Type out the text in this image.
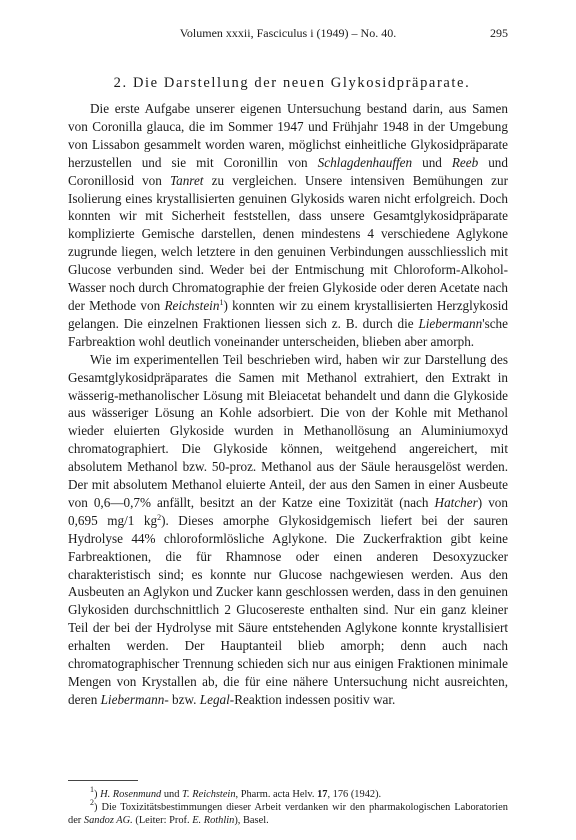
Volumen xxxii, Fasciculus i (1949) – No. 40.	295
2. Die Darstellung der neuen Glykosidpräparate.

Die erste Aufgabe unserer eigenen Untersuchung bestand darin, aus Samen von Coronilla glauca, die im Sommer 1947 und Frühjahr 1948 in der Umgebung von Lissabon gesammelt worden waren, möglichst einheitliche Glykosidpräparate herzustellen und sie mit Coronillin von Schlagdenhauffen und Reeb und Coronillosid von Tanret zu vergleichen. Unsere intensiven Bemühungen zur Isolierung eines krystallisierten genuinen Glykosids waren nicht erfolgreich. Doch konnten wir mit Sicherheit feststellen, dass unsere Gesamtglykosidpräparate komplizierte Gemische darstellen, denen mindestens 4 verschiedene Aglykone zugrunde liegen, welch letztere in den genuinen Verbindungen ausschliesslich mit Glucose verbunden sind. Weder bei der Entmischung mit Chloroform-Alkohol-Wasser noch durch Chromatographie der freien Glykoside oder deren Acetate nach der Methode von Reichstein$^1$) konnten wir zu einem krystallisierten Herzglykosid gelangen. Die einzelnen Fraktionen liessen sich z. B. durch die Liebermann'sche Farbreaktion wohl deutlich voneinander unterscheiden, blieben aber amorph.

Wie im experimentellen Teil beschrieben wird, haben wir zur Darstellung des Gesamtglykosidpräparates die Samen mit Methanol extrahiert, den Extrakt in wässerig-methanolischer Lösung mit Bleiacetat behandelt und dann die Glykoside aus wässeriger Lösung an Kohle adsorbiert. Die von der Kohle mit Methanol wieder eluierten Glykoside wurden in Methanollösung an Aluminiumoxyd chromatographiert. Die Glykoside können, weitgehend angereichert, mit absolutem Methanol bzw. 50-proz. Methanol aus der Säule herausgelöst werden. Der mit absolutem Methanol eluierte Anteil, der aus den Samen in einer Ausbeute von 0,6—0,7% anfällt, besitzt an der Katze eine Toxizität (nach Hatcher) von 0,695 mg/1 $kg^2$). Dieses amorphe Glykosidgemisch liefert bei der sauren Hydrolyse 44% chloroformlösliche Aglykone. Die Zuckerfraktion gibt keine Farbreaktionen, die für Rhamnose oder einen anderen Desoxyzucker charakteristisch sind; es konnte nur Glucose nachgewiesen werden. Aus den Ausbeuten an Aglykon und Zucker kann geschlossen werden, dass in den genuinen Glykosiden durchschnittlich 2 Glucosereste enthalten sind. Nur ein ganz kleiner Teil der bei der Hydrolyse mit Säure entstehenden Aglykone konnte krystallisiert erhalten werden. Der Hauptanteil blieb amorph; denn auch nach chromatographischer Trennung schieden sich nur aus einigen Fraktionen minimale Mengen von Krystallen ab, die für eine nähere Untersuchung nicht ausreichten, deren Liebermann- bzw. Legal-Reaktion indessen positiv war.

$^1$) H. Rosenmund und T. Reichstein, Pharm. acta Helv. 17, 176 (1942).

$^2$) Die Toxizitätsbestimmungen dieser Arbeit verdanken wir den pharmakologischen Laboratorien der Sandoz AG. (Leiter: Prof. E. Rothlin), Basel.
